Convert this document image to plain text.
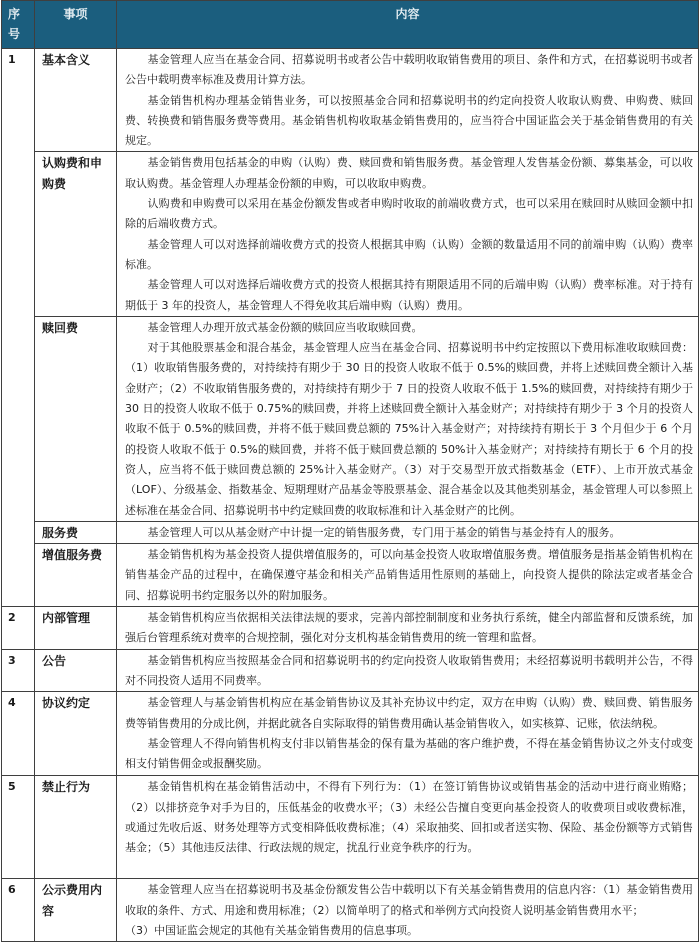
序
号	事项	内容
1	基本含义	基金管理人应当在基金合同、招募说明书或者公告中载明收取销售费用的项目、条件和方式，在招募说明书或者公告中载明费率标准及费用计算方法。

基金销售机构办理基金销售业务，可以按照基金合同和招募说明书的约定向投资人收取认购费、申购费、赎回费、转换费和销售服务费等费用。基金销售机构收取基金销售费用的，应当符合中国证监会关于基金销售费用的有关规定。

	认购费和申购费	基金销售费用包括基金的申购（认购）费、赎回费和销售服务费。基金管理人发售基金份额、募集基金，可以收取认购费。基金管理人办理基金份额的申购，可以收取申购费。

认购费和申购费可以采用在基金份额发售或者申购时收取的前端收费方式，也可以采用在赎回时从赎回金额中扣除的后端收费方式。

基金管理人可以对选择前端收费方式的投资人根据其申购（认购）金额的数量适用不同的前端申购（认购）费率标准。

基金管理人可以对选择后端收费方式的投资人根据其持有期限适用不同的后端申购（认购）费率标准。对于持有期低于 3 年的投资人，基金管理人不得免收其后端申购（认购）费用。

	赎回费	基金管理人办理开放式基金份额的赎回应当收取赎回费。

对于其他股票基金和混合基金，基金管理人应当在基金合同、招募说明书中约定按照以下费用标准收取赎回费：（1）收取销售服务费的，对持续持有期少于 30 日的投资人收取不低于 0.5%的赎回费，并将上述赎回费全额计入基金财产；（2）不收取销售服务费的，对持续持有期少于 7 日的投资人收取不低于 1.5%的赎回费，对持续持有期少于 30 日的投资人收取不低于 0.75%的赎回费，并将上述赎回费全额计入基金财产；对持续持有期少于 3 个月的投资人收取不低于 0.5%的赎回费，并将不低于赎回费总额的 75%计入基金财产；对持续持有期长于 3 个月但少于 6 个月的投资人收取不低于 0.5%的赎回费，并将不低于赎回费总额的 50%计入基金财产；对持续持有期长于 6 个月的投资人，应当将不低于赎回费总额的 25%计入基金财产。（3）对于交易型开放式指数基金（ETF）、上市开放式基金（LOF）、分级基金、指数基金、短期理财产品基金等股票基金、混合基金以及其他类别基金，基金管理人可以参照上述标准在基金合同、招募说明书中约定赎回费的收取标准和计入基金财产的比例。

	服务费	基金管理人可以从基金财产中计提一定的销售服务费，专门用于基金的销售与基金持有人的服务。

	增值服务费	基金销售机构为基金投资人提供增值服务的，可以向基金投资人收取增值服务费。增值服务是指基金销售机构在销售基金产品的过程中，在确保遵守基金和相关产品销售适用性原则的基础上，向投资人提供的除法定或者基金合同、招募说明书约定服务以外的附加服务。

2	内部管理	基金销售机构应当依据相关法律法规的要求，完善内部控制制度和业务执行系统，健全内部监督和反馈系统，加强后台管理系统对费率的合规控制，强化对分支机构基金销售费用的统一管理和监督。

3	公告	基金销售机构应当按照基金合同和招募说明书的约定向投资人收取销售费用；未经招募说明书载明并公告，不得对不同投资人适用不同费率。

4	协议约定	基金管理人与基金销售机构应在基金销售协议及其补充协议中约定，双方在申购（认购）费、赎回费、销售服务费等销售费用的分成比例，并据此就各自实际取得的销售费用确认基金销售收入，如实核算、记账，依法纳税。

基金管理人不得向销售机构支付非以销售基金的保有量为基础的客户维护费，不得在基金销售协议之外支付或变相支付销售佣金或报酬奖励。

5	禁止行为	基金销售机构在基金销售活动中，不得有下列行为：（1）在签订销售协议或销售基金的活动中进行商业贿赂；（2）以排挤竞争对手为目的，压低基金的收费水平；（3）未经公告擅自变更向基金投资人的收费项目或收费标准，或通过先收后返、财务处理等方式变相降低收费标准；（4）采取抽奖、回扣或者送实物、保险、基金份额等方式销售基金；（5）其他违反法律、行政法规的规定，扰乱行业竞争秩序的行为。

6	公示费用内容	基金管理人应当在招募说明书及基金份额发售公告中载明以下有关基金销售费用的信息内容：（1）基金销售费用收取的条件、方式、用途和费用标准；（2）以简单明了的格式和举例方式向投资人说明基金销售费用水平；

（3）中国证监会规定的其他有关基金销售费用的信息事项。
